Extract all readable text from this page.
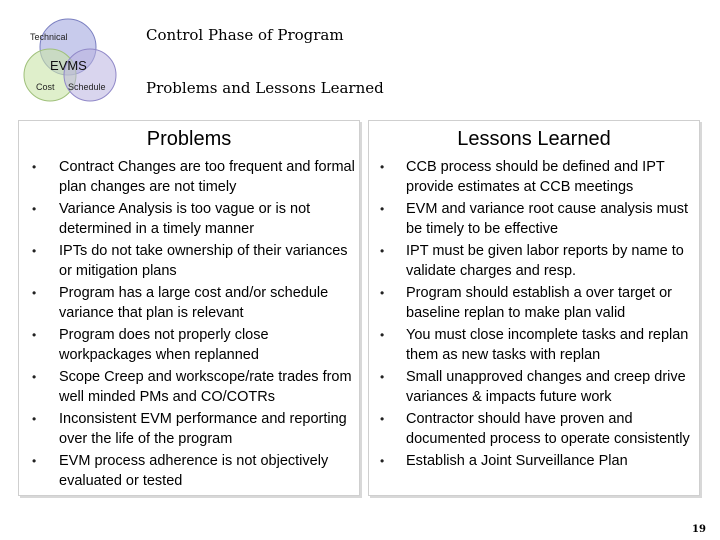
Technical
EVMS
Cost Schedule
Control Phase of Program
Problems and Lessons Learned
Problems
• Contract Changes are too frequent and formal plan changes are not timely
• Variance Analysis is too vague or is not determined in a timely manner
• IPTs do not take ownership of their variances or mitigation plans
• Program has a large cost and/or schedule variance that plan is relevant
• Program does not properly close workpackages when replanned
• Scope Creep and workscope/rate trades from well minded PMs and CO/COTRs
• Inconsistent EVM performance and reporting over the life of the program
• EVM process adherence is not objectively evaluated or tested
Lessons Learned
• CCB process should be defined and IPT provide estimates at CCB meetings
• EVM and variance root cause analysis must be timely to be effective
• IPT must be given labor reports by name to validate charges and resp.
• Program should establish a over target or baseline replan to make plan valid
• You must close incomplete tasks and replan them as new tasks with replan
• Small unapproved changes and creep drive variances & impacts future work
• Contractor should have proven and documented process to operate consistently
• Establish a Joint Surveillance Plan
19
